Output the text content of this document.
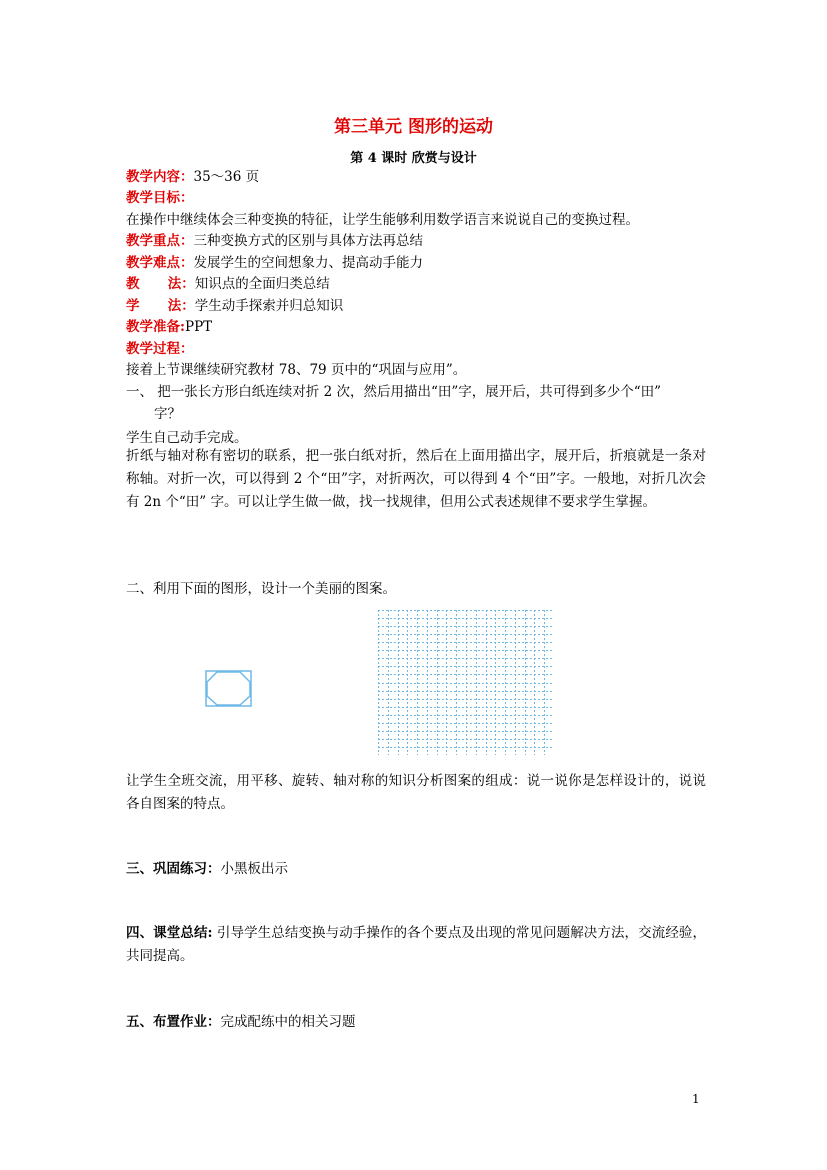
第三单元 图形的运动
第 4 课时 欣赏与设计
教学内容：35～36 页
教学目标：
在操作中继续体会三种变换的特征，让学生能够利用数学语言来说说自己的变换过程。
教学重点：三种变换方式的区别与具体方法再总结
教学难点：发展学生的空间想象力、提高动手能力
教      法：知识点的全面归类总结
学      法：学生动手探索并归总知识
教学准备:PPT
教学过程：
接着上节课继续研究教材 78、79 页中的“巩固与应用”。
一、 把一张长方形白纸连续对折 2 次，然后用描出“田”字，展开后，共可得到多少个“田”
字？
学生自己动手完成。
折纸与轴对称有密切的联系，把一张白纸对折，然后在上面用描出字，展开后，折痕就是一条对称轴。对折一次，可以得到 2 个“田”字，对折两次，可以得到 4 个“田”字。一般地，对折几次会有 2n 个“田” 字。可以让学生做一做，找一找规律，但用公式表述规律不要求学生掌握。
二、利用下面的图形，设计一个美丽的图案。
让学生全班交流，用平移、旋转、轴对称的知识分析图案的组成：说一说你是怎样设计的，说说各自图案的特点。
三、巩固练习：小黑板出示
四、课堂总结: 引导学生总结变换与动手操作的各个要点及出现的常见问题解决方法，交流经验，共同提高。
五、布置作业：完成配练中的相关习题
1
